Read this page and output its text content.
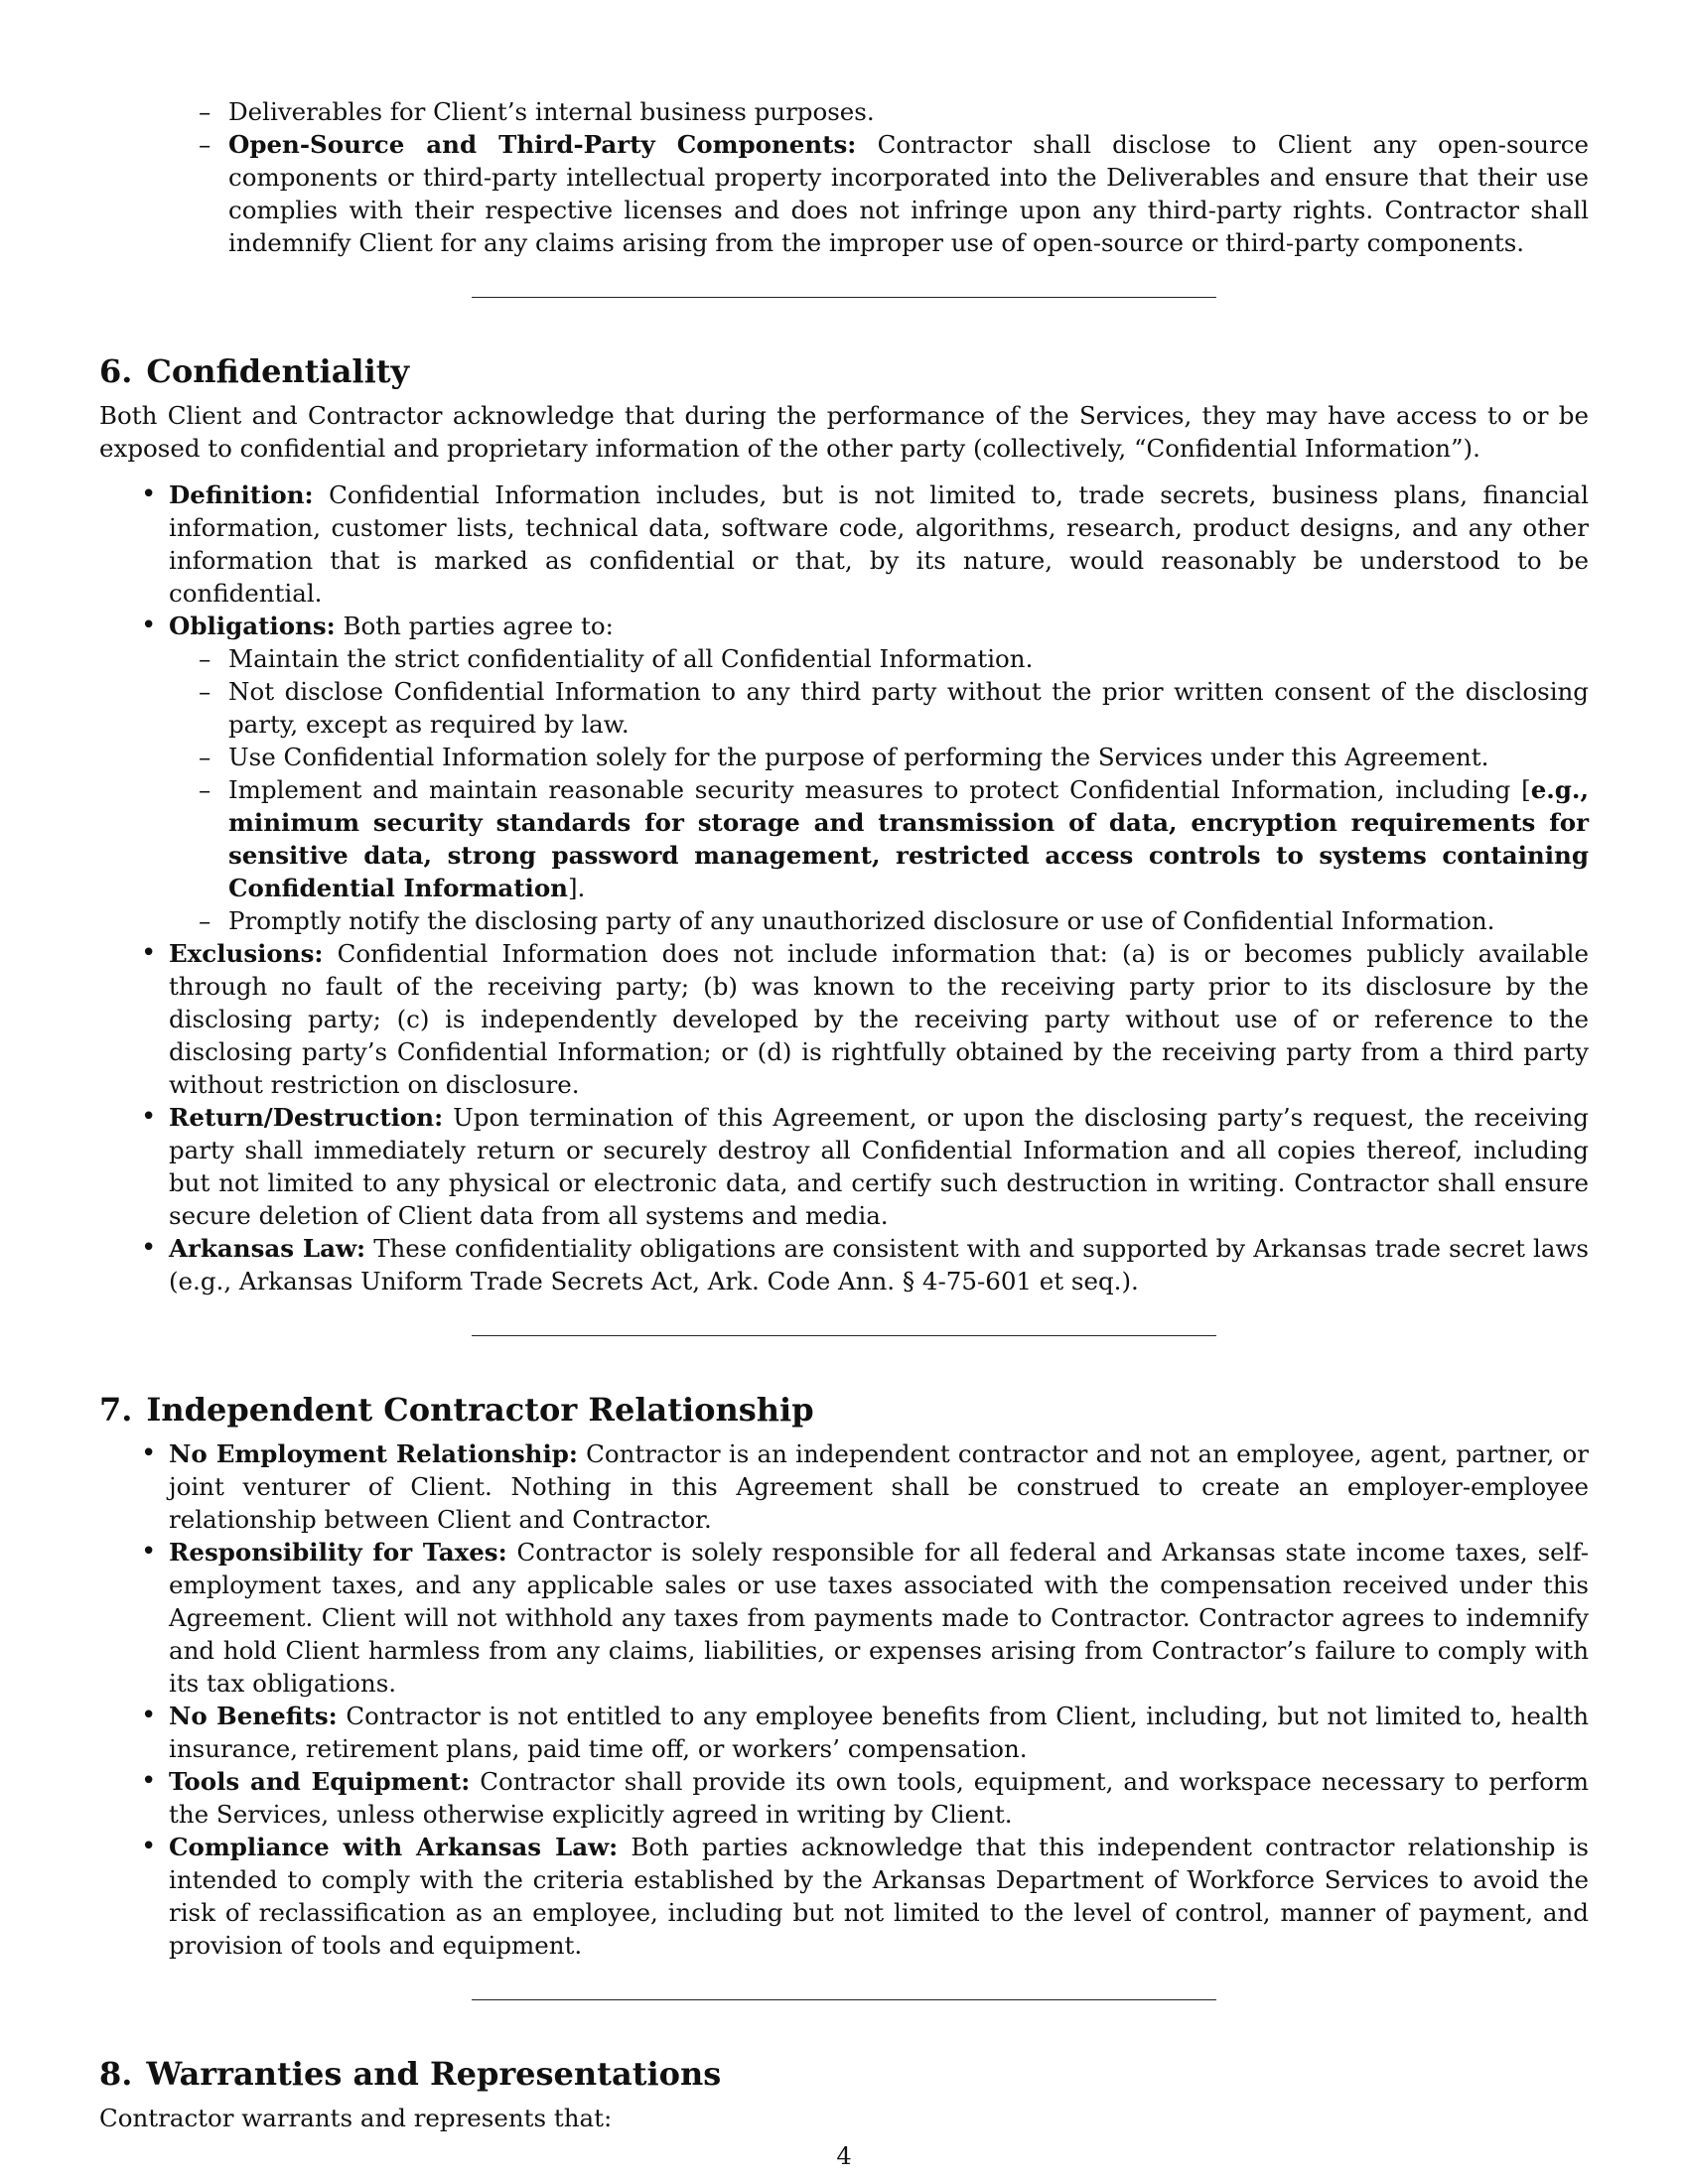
– Deliverables for Client’s internal business purposes.
– Open-Source and Third-Party Components: Contractor shall disclose to Client any open-source components or third-party intellectual property incorporated into the Deliverables and ensure that their use complies with their respective licenses and does not infringe upon any third-party rights. Contractor shall indemnify Client for any claims arising from the improper use of open-source or third-party components.
6. Confidentiality

Both Client and Contractor acknowledge that during the performance of the Services, they may have access to or be exposed to confidential and proprietary information of the other party (collectively, “Confidential Information”).

• Definition: Confidential Information includes, but is not limited to, trade secrets, business plans, financial information, customer lists, technical data, software code, algorithms, research, product designs, and any other information that is marked as confidential or that, by its nature, would reasonably be understood to be confidential.
• Obligations: Both parties agree to:
– Maintain the strict confidentiality of all Confidential Information.
– Not disclose Confidential Information to any third party without the prior written consent of the disclosing party, except as required by law.
– Use Confidential Information solely for the purpose of performing the Services under this Agreement.
– Implement and maintain reasonable security measures to protect Confidential Information, including [e.g., minimum security standards for storage and transmission of data, encryption requirements for sensitive data, strong password management, restricted access controls to systems containing Confidential Information].
– Promptly notify the disclosing party of any unauthorized disclosure or use of Confidential Information.
• Exclusions: Confidential Information does not include information that: (a) is or becomes publicly available through no fault of the receiving party; (b) was known to the receiving party prior to its disclosure by the disclosing party; (c) is independently developed by the receiving party without use of or reference to the disclosing party’s Confidential Information; or (d) is rightfully obtained by the receiving party from a third party without restriction on disclosure.
• Return/Destruction: Upon termination of this Agreement, or upon the disclosing party’s request, the receiving party shall immediately return or securely destroy all Confidential Information and all copies thereof, including but not limited to any physical or electronic data, and certify such destruction in writing. Contractor shall ensure secure deletion of Client data from all systems and media.
• Arkansas Law: These confidentiality obligations are consistent with and supported by Arkansas trade secret laws (e.g., Arkansas Uniform Trade Secrets Act, Ark. Code Ann. § 4-75-601 et seq.).
7. Independent Contractor Relationship
• No Employment Relationship: Contractor is an independent contractor and not an employee, agent, partner, or joint venturer of Client. Nothing in this Agreement shall be construed to create an employer-employee relationship between Client and Contractor.
• Responsibility for Taxes: Contractor is solely responsible for all federal and Arkansas state income taxes, self-employment taxes, and any applicable sales or use taxes associated with the compensation received under this Agreement. Client will not withhold any taxes from payments made to Contractor. Contractor agrees to indemnify and hold Client harmless from any claims, liabilities, or expenses arising from Contractor’s failure to comply with its tax obligations.
• No Benefits: Contractor is not entitled to any employee benefits from Client, including, but not limited to, health insurance, retirement plans, paid time off, or workers’ compensation.
• Tools and Equipment: Contractor shall provide its own tools, equipment, and workspace necessary to perform the Services, unless otherwise explicitly agreed in writing by Client.
• Compliance with Arkansas Law: Both parties acknowledge that this independent contractor relationship is intended to comply with the criteria established by the Arkansas Department of Workforce Services to avoid the risk of reclassification as an employee, including but not limited to the level of control, manner of payment, and provision of tools and equipment.
8. Warranties and Representations

Contractor warrants and represents that:

4
